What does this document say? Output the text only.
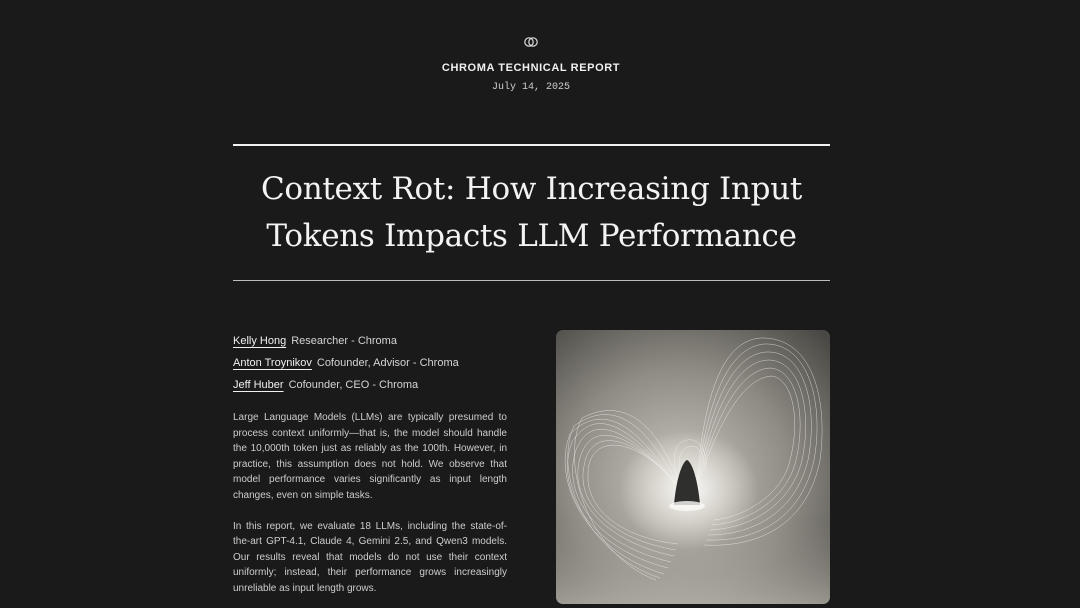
CHROMA TECHNICAL REPORT
July 14, 2025
Context Rot: How Increasing Input
Tokens Impacts LLM Performance
Kelly Hong Researcher - Chroma
Anton Troynikov Cofounder, Advisor - Chroma
Jeff Huber Cofounder, CEO - Chroma

Large Language Models (LLMs) are typically presumed to process context uniformly—that is, the model should handle the 10,000th token just as reliably as the 100th. However, in practice, this assumption does not hold. We observe that model performance varies significantly as input length changes, even on simple tasks.

In this report, we evaluate 18 LLMs, including the state-of-the-art GPT-4.1, Claude 4, Gemini 2.5, and Qwen3 models. Our results reveal that models do not use their context uniformly; instead, their performance grows increasingly unreliable as input length grows.
